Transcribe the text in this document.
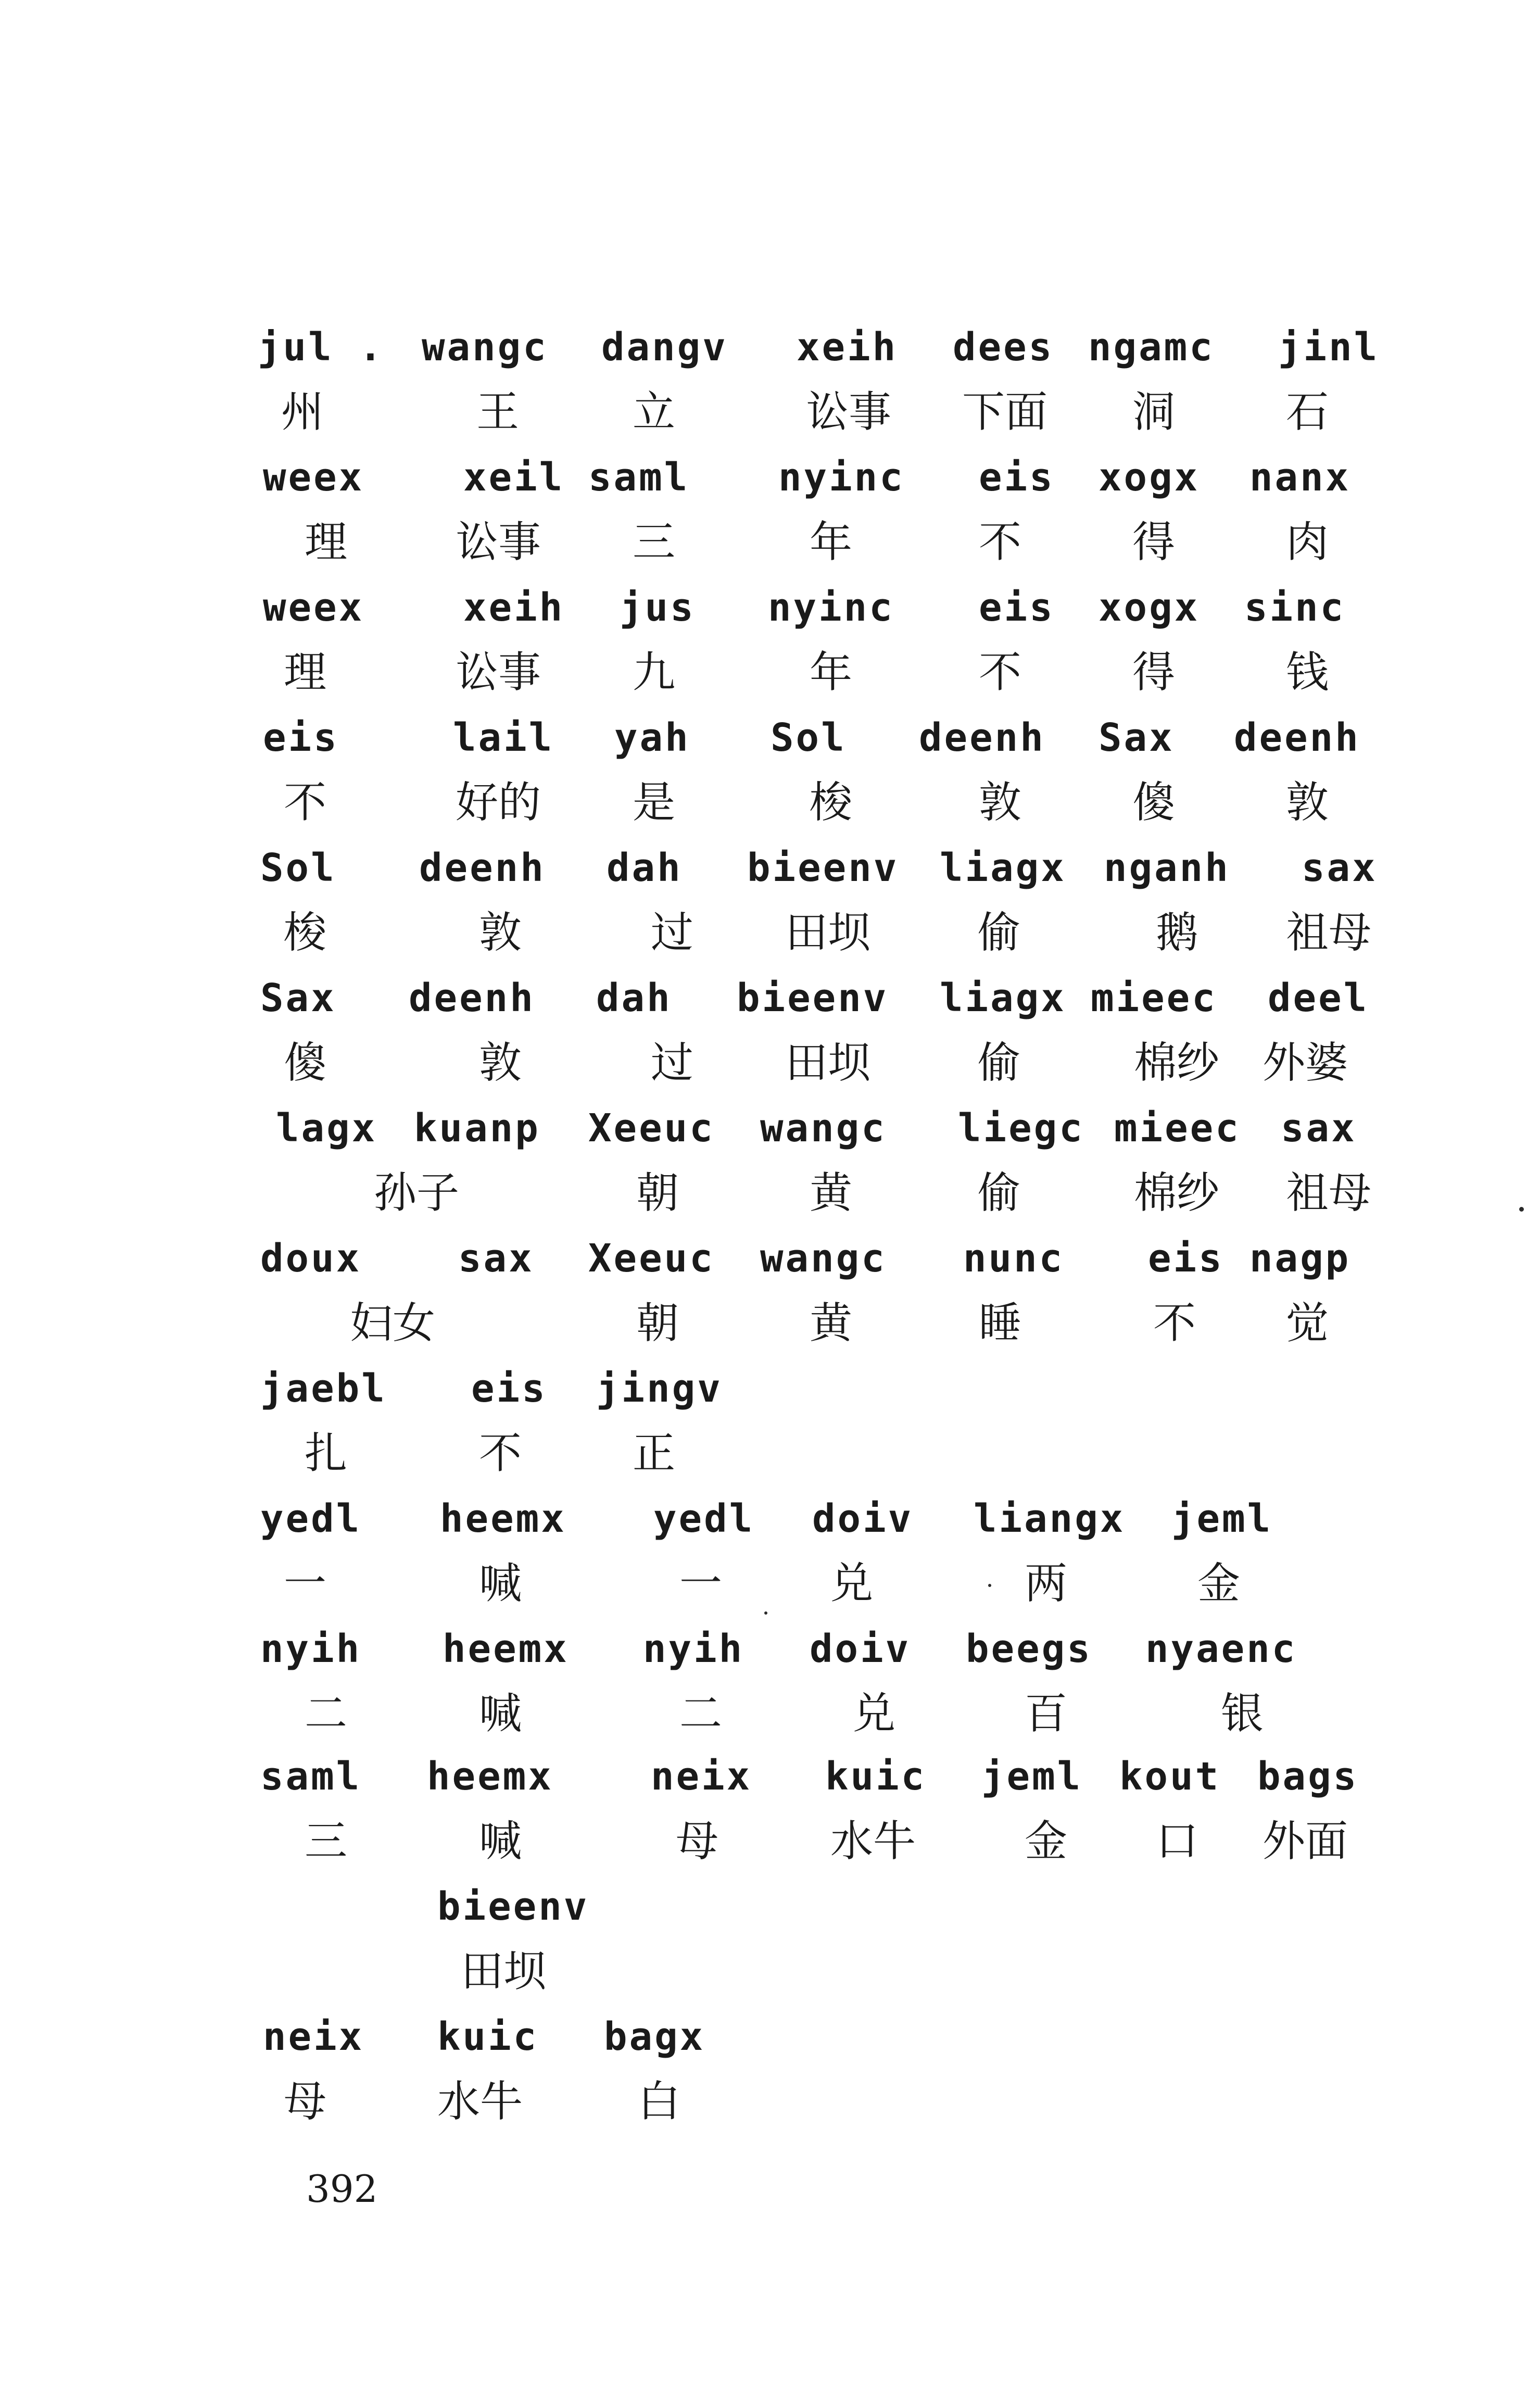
jul . wangc dangv xeih dees ngamc jinl
州	王	立	讼事 下面 洞	石
weex	xeil saml nyinc eis xogx nanx
理	讼事 三	年	不	得	肉
weex	xeih jus nyinc eis xogx sinc
理	讼事 九	年	不	得	钱
eis	lail yah Sol deenh Sax deenh
不	好的 是	梭	敦	傻	敦
Sol deenh dah bieenv liagx nganh sax
梭	敦	过 田坝	偷	鹅 祖母
Sax deenh dah bieenv liagx mieec deel
傻	敦	过 田坝	偷	棉纱 外婆
lagx kuanp Xeeuc wangc liegc mieec sax
孙子	朝	黄	偷	棉纱 祖母
doux	sax Xeeuc wangc nunc eis nagp
妇女	朝	黄	睡	不 觉
jaebl eis jingv
扎	不	正
yedl heemx yedl doiv liangx jeml
一	喊	一	兑	两	金
nyih heemx nyih doiv beegs nyaenc
二	喊	二	兑	百	银
saml heemx	neix kuic jeml kout bags
三	喊	母	水牛	金 口 外面
bieenv
田坝
neix kuic bagx
母	水牛	白
392
